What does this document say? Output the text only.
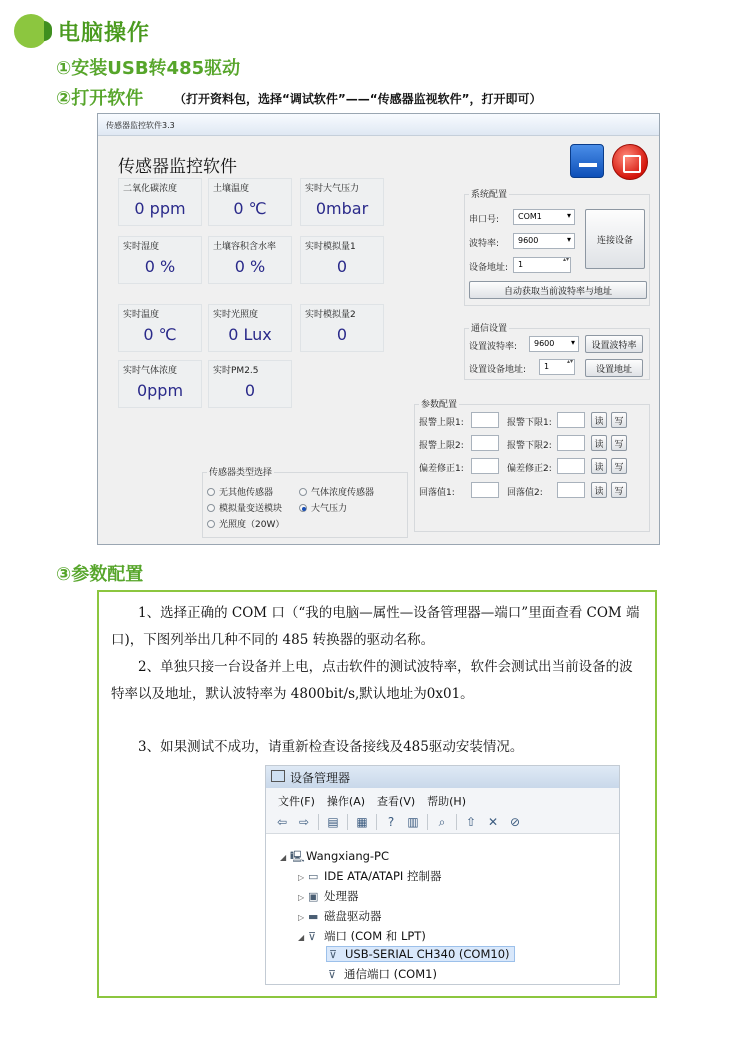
电脑操作
①安装USB转485驱动
②打开软件	（打开资料包，选择“调试软件”——“传感器监视软件”，打开即可）
传感器监控软件3.3
传感器监控软件
二氧化碳浓度
0 ppm
土壤温度
0 ℃
实时大气压力
0mbar
实时湿度
0 %
土壤容积含水率
0 %
实时模拟量1
0
实时温度
0 ℃
实时光照度
0 Lux
实时模拟量2
0
实时气体浓度
0ppm
实时PM2.5
0
系统配置
串口号:	COM1 ▾
波特率:	9600 ▾
设备地址:	1 ▴▾
连接设备
自动获取当前波特率与地址
通信设置
设置波特率:	9600 ▾	设置波特率
设置设备地址:	1 ▴▾	设置地址
参数配置
报警上限1:	报警下限1:	读	写
报警上限2:	报警下限2:	读	写
偏差修正1:	偏差修正2:	读	写
回落值1:	回落值2:	读	写
传感器类型选择
无其他传感器	气体浓度传感器
模拟量变送模块	大气压力
光照度（20W）
③参数配置

1、选择正确的 COM 口（“我的电脑—属性—设备管理器—端口”里面查看 COM 端口)，下图列举出几种不同的 485 转换器的驱动名称。

2、单独只接一台设备并上电，点击软件的测试波特率，软件会测试出当前设备的波特率以及地址，默认波特率为 4800bit/s,默认地址为0x01。

3、如果测试不成功，请重新检查设备接线及485驱动安装情况。

设备管理器
文件(F) 操作(A) 查看(V) 帮助(H)
⇦ ⇨ ▤ ▦	?	▥	⌕	⇧ ✕ ⊘
◢ 🖳Wangxiang-PC
▷ ▭ IDE ATA/ATAPI 控制器
▷ ▣ 处理器
▷ ▬ 磁盘驱动器
◢ ⊽ 端口 (COM 和 LPT)
⊽ USB-SERIAL CH340 (COM10)
⊽ 通信端口 (COM1)
